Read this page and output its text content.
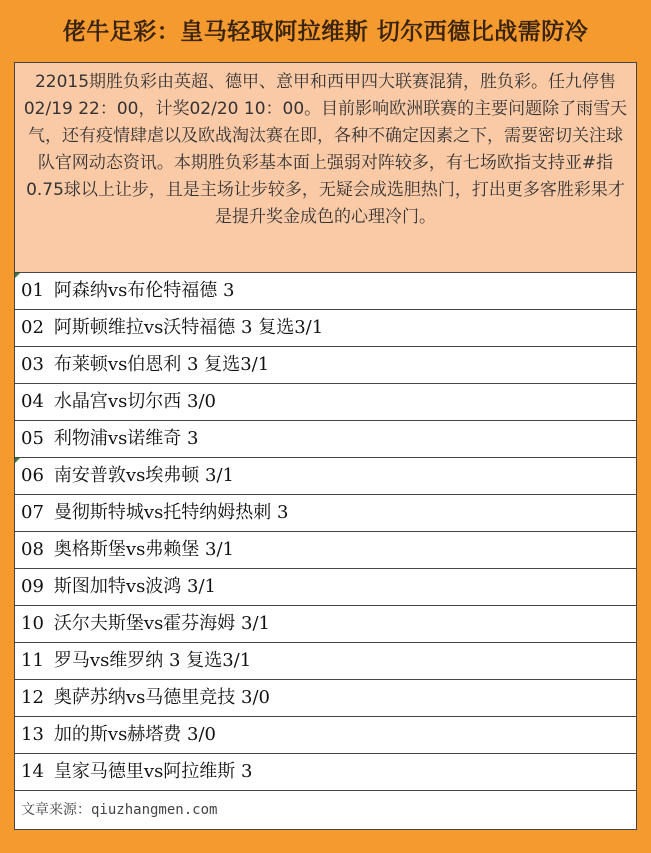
佬牛足彩：皇马轻取阿拉维斯 切尔西德比战需防冷
22015期胜负彩由英超、德甲、意甲和西甲四大联赛混猜，胜负彩。任九停售02/19 22：00，计奖02/20 10：00。目前影响欧洲联赛的主要问题除了雨雪天气，还有疫情肆虐以及欧战淘汰赛在即，各种不确定因素之下，需要密切关注球队官网动态资讯。本期胜负彩基本面上强弱对阵较多，有七场欧指支持亚#指0.75球以上让步，且是主场让步较多，无疑会成选胆热门，打出更多客胜彩果才是提升奖金成色的心理冷门。
01 阿森纳vs布伦特福德 3
02 阿斯顿维拉vs沃特福德 3 复选3/1
03 布莱顿vs伯恩利 3 复选3/1
04 水晶宫vs切尔西 3/0
05 利物浦vs诺维奇 3
06 南安普敦vs埃弗顿 3/1
07 曼彻斯特城vs托特纳姆热刺 3
08 奥格斯堡vs弗赖堡 3/1
09 斯图加特vs波鸿 3/1
10 沃尔夫斯堡vs霍芬海姆 3/1
11 罗马vs维罗纳 3 复选3/1
12 奥萨苏纳vs马德里竞技 3/0
13 加的斯vs赫塔费 3/0
14 皇家马德里vs阿拉维斯 3
文章来源：qiuzhangmen.com
